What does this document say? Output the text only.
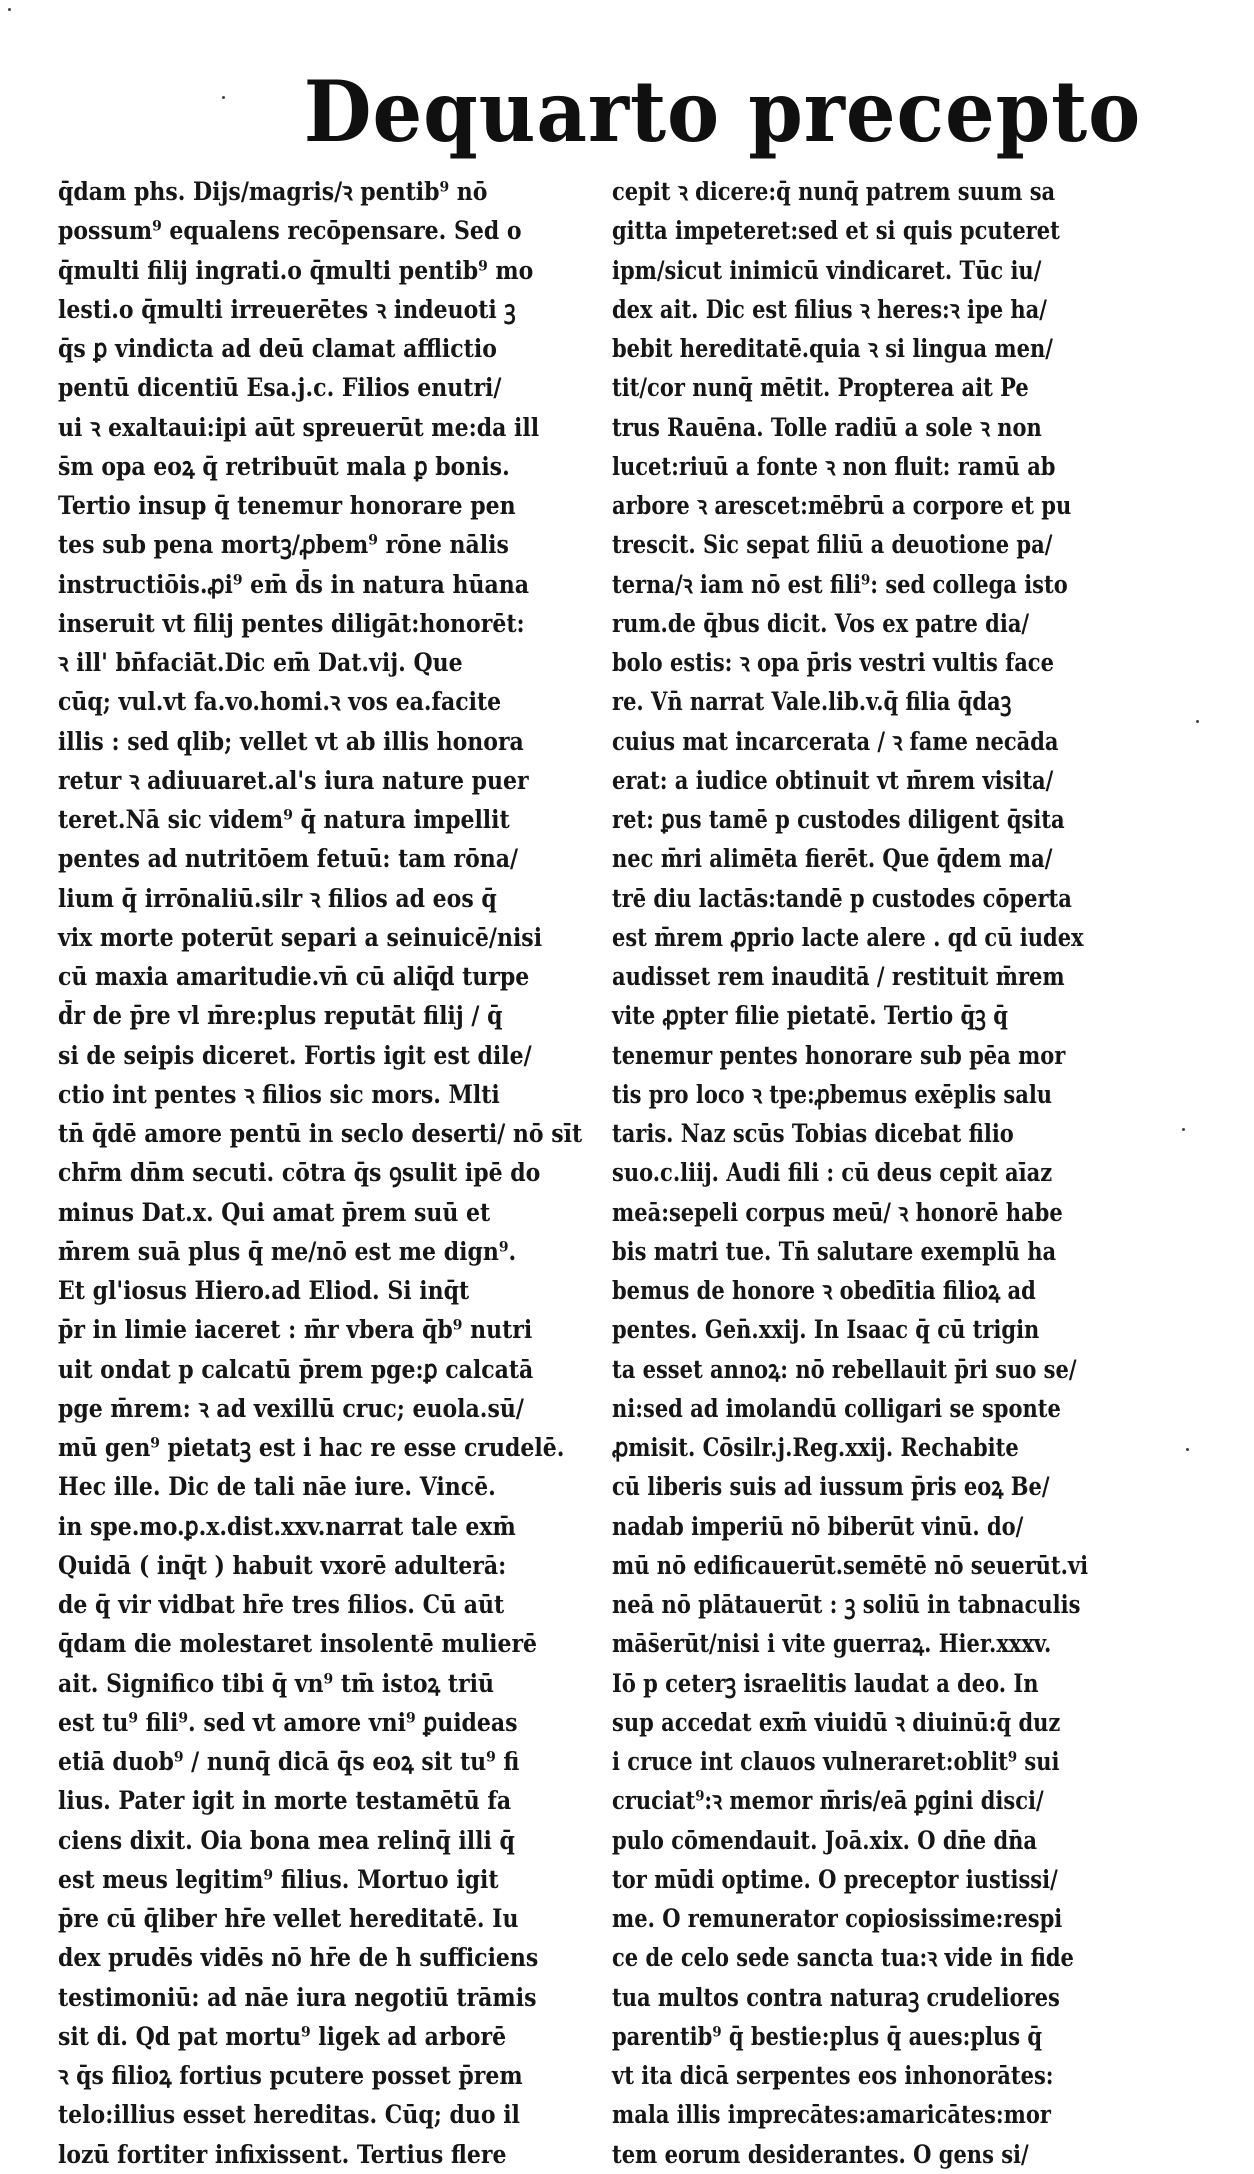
Dequarto precepto
q̄dam phs. Dijs/magris/ꝛ pentib⁹ nō
possum⁹ equalens recōpensare. Sed o
q̄multi filij ingrati.o q̄multi pentib⁹ mo
lesti.o q̄multi irreuerētes ꝛ indeuoti ꝫ
q̄s ꝑ vindicta ad deū clamat afflictio
pentū dicentiū Esa.j.c. Filios enutri/
ui ꝛ exaltaui:ipi aūt spreuerūt me:da ill
s̄m opa eoꝝ q̄ retribuūt mala ꝑ bonis.
Tertio insup q̄ tenemur honorare pen
tes sub pena mortꝫ/ꝓbem⁹ rōne nālis
instructiōis.ꝓi⁹ em̄ d̄s in natura hūana
inseruit vt filij pentes diligāt:honorēt:
ꝛ ill' bn̄faciāt.Dic em̄ Dat.vij. Que
cūq; vul.vt fa.vo.homi.ꝛ vos ea.facite
illis : sed qlib; vellet vt ab illis honora
retur ꝛ adiuuaret.al's iura nature puer
teret.Nā sic videm⁹ q̄ natura impellit
pentes ad nutritōem fetuū: tam rōna/
lium q̄ irrōnaliū.silr ꝛ filios ad eos q̄
vix morte poterūt separi a seinuicē/nisi
cū maxia amaritudie.vn̄ cū aliq̄d turpe
d̄r de p̄re vl m̄re:plus reputāt filij / q̄
si de seipis diceret. Fortis igit est dile/
ctio int pentes ꝛ filios sic mors. Mlti
tn̄ q̄dē amore pentū in seclo deserti/ nō sīt
chr̄m dn̄m secuti. cōtra q̄s ꝯsulit ipē do
minus Dat.x. Qui amat p̄rem suū et
m̄rem suā plus q̄ me/nō est me dign⁹.
Et gl'iosus Hiero.ad Eliod. Si inq̄t
p̄r in limie iaceret : m̄r vbera q̄b⁹ nutri
uit ondat p calcatū p̄rem pge:ꝑ calcatā
pge m̄rem: ꝛ ad vexillū cruc; euola.sū/
mū gen⁹ pietatꝫ est i hac re esse crudelē.
Hec ille. Dic de tali nāe iure. Vincē.
in spe.mo.ꝑ.x.dist.xxv.narrat tale exm̄
Quidā ( inq̄t ) habuit vxorē adulterā:
de q̄ vir vidbat hr̄e tres filios. Cū aūt
q̄dam die molestaret insolentē mulierē
ait. Significo tibi q̄ vn⁹ tm̄ istoꝝ triū
est tu⁹ fili⁹. sed vt amore vni⁹ ꝑuideas
etiā duob⁹ / nunq̄ dicā q̄s eoꝝ sit tu⁹ fi
lius. Pater igit in morte testamētū fa
ciens dixit. Oia bona mea relinq̄ illi q̄
est meus legitim⁹ filius. Mortuo igit
p̄re cū q̄liber hr̄e vellet hereditatē. Iu
dex prudēs vidēs nō hr̄e de h sufficiens
testimoniū: ad nāe iura negotiū trāmis
sit di. Qd pat mortu⁹ ligek ad arborē
ꝛ q̄s filioꝝ fortius pcutere posset p̄rem
telo:illius esset hereditas. Cūq; duo il
lozū fortiter infixissent. Tertius flere
cepit ꝛ dicere:q̄ nunq̄ patrem suum sa
gitta impeteret:sed et si quis pcuteret
ipm/sicut inimicū vindicaret. Tūc iu/
dex ait. Dic est filius ꝛ heres:ꝛ ipe ha/
bebit hereditatē.quia ꝛ si lingua men/
tit/cor nunq̄ mētit. Propterea ait Pe
trus Rauēna. Tolle radiū a sole ꝛ non
lucet:riuū a fonte ꝛ non fluit: ramū ab
arbore ꝛ arescet:mēbrū a corpore et pu
trescit. Sic sepat filiū a deuotione pa/
terna/ꝛ iam nō est fili⁹: sed collega isto
rum.de q̄bus dicit. Vos ex patre dia/
bolo estis: ꝛ opa p̄ris vestri vultis face
re. Vn̄ narrat Vale.lib.v.q̄ filia q̄daꝫ
cuius mat incarcerata / ꝛ fame necāda
erat: a iudice obtinuit vt m̄rem visita/
ret: ꝑus tamē p custodes diligent q̄sita
nec m̄ri alimēta fierēt. Que q̄dem ma/
trē diu lactās:tandē p custodes cōperta
est m̄rem ꝓprio lacte alere . qd cū iudex
audisset rem inauditā / restituit m̄rem
vite ꝓpter filie pietatē. Tertio q̄ꝫ q̄
tenemur pentes honorare sub pēa mor
tis pro loco ꝛ tpe:ꝓbemus exēplis salu
taris. Naz scūs Tobias dicebat filio
suo.c.liij. Audi fili : cū deus cepit aīaz
meā:sepeli corpus meū/ ꝛ honorē habe
bis matri tue. Tn̄ salutare exemplū ha
bemus de honore ꝛ obedītia filioꝝ ad
pentes. Gen̄.xxij. In Isaac q̄ cū trigin
ta esset annoꝝ: nō rebellauit p̄ri suo se/
ni:sed ad imolandū colligari se sponte
ꝓmisit. Cōsilr.j.Reg.xxij. Rechabite
cū liberis suis ad iussum p̄ris eoꝝ Be/
nadab imperiū nō biberūt vinū. do/
mū nō edificauerūt.semētē nō seuerūt.vi
neā nō plātauerūt : ꝫ soliū in tabnaculis
mās̄erūt/nisi i vite guerraꝝ. Hier.xxxv.
Iō p ceterꝫ israelitis laudat a deo. In
sup accedat exm̄ viuidū ꝛ diuinū:q̄ duz
i cruce int clauos vulneraret:oblit⁹ sui
cruciat⁹:ꝛ memor m̄ris/eā ꝑgini disci/
pulo cōmendauit. Joā.xix. O dn̄e dn̄a
tor mūdi optime. O preceptor iustissi/
me. O remunerator copiosissime:respi
ce de celo sede sancta tua:ꝛ vide in fide
tua multos contra naturaꝫ crudeliores
parentib⁹ q̄ bestie:plus q̄ aues:plus q̄
vt ita dicā serpentes eos inhonorātes:
mala illis imprecātes:amaricātes:mor
tem eorum desiderantes. O gens si/
